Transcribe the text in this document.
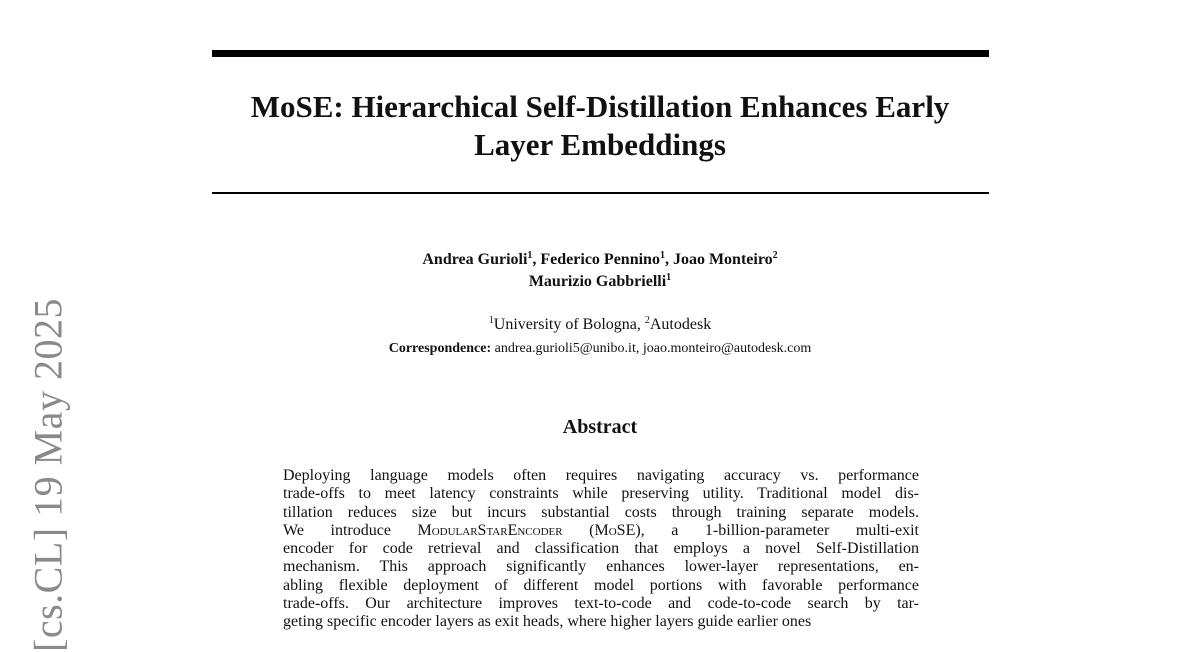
[cs.CL] 19 May 2025
MoSE: Hierarchical Self-Distillation Enhances Early
Layer Embeddings
Andrea Gurioli$^1$, Federico Pennino$^1$, Joao Monteiro$^2$
Maurizio Gabbrielli$^1$
$^1$University of Bologna, $^2$Autodesk
Correspondence: andrea.gurioli5@unibo.it, joao.monteiro@autodesk.com
Abstract
Deploying language models often requires navigating accuracy vs. performance
trade-offs to meet latency constraints while preserving utility. Traditional model dis-
tillation reduces size but incurs substantial costs through training separate models.
We introduce ModularStarEncoder (MoSE), a 1-billion-parameter multi-exit
encoder for code retrieval and classification that employs a novel Self-Distillation
mechanism. This approach significantly enhances lower-layer representations, en-
abling flexible deployment of different model portions with favorable performance
trade-offs. Our architecture improves text-to-code and code-to-code search by tar-
geting specific encoder layers as exit heads, where higher layers guide earlier ones
